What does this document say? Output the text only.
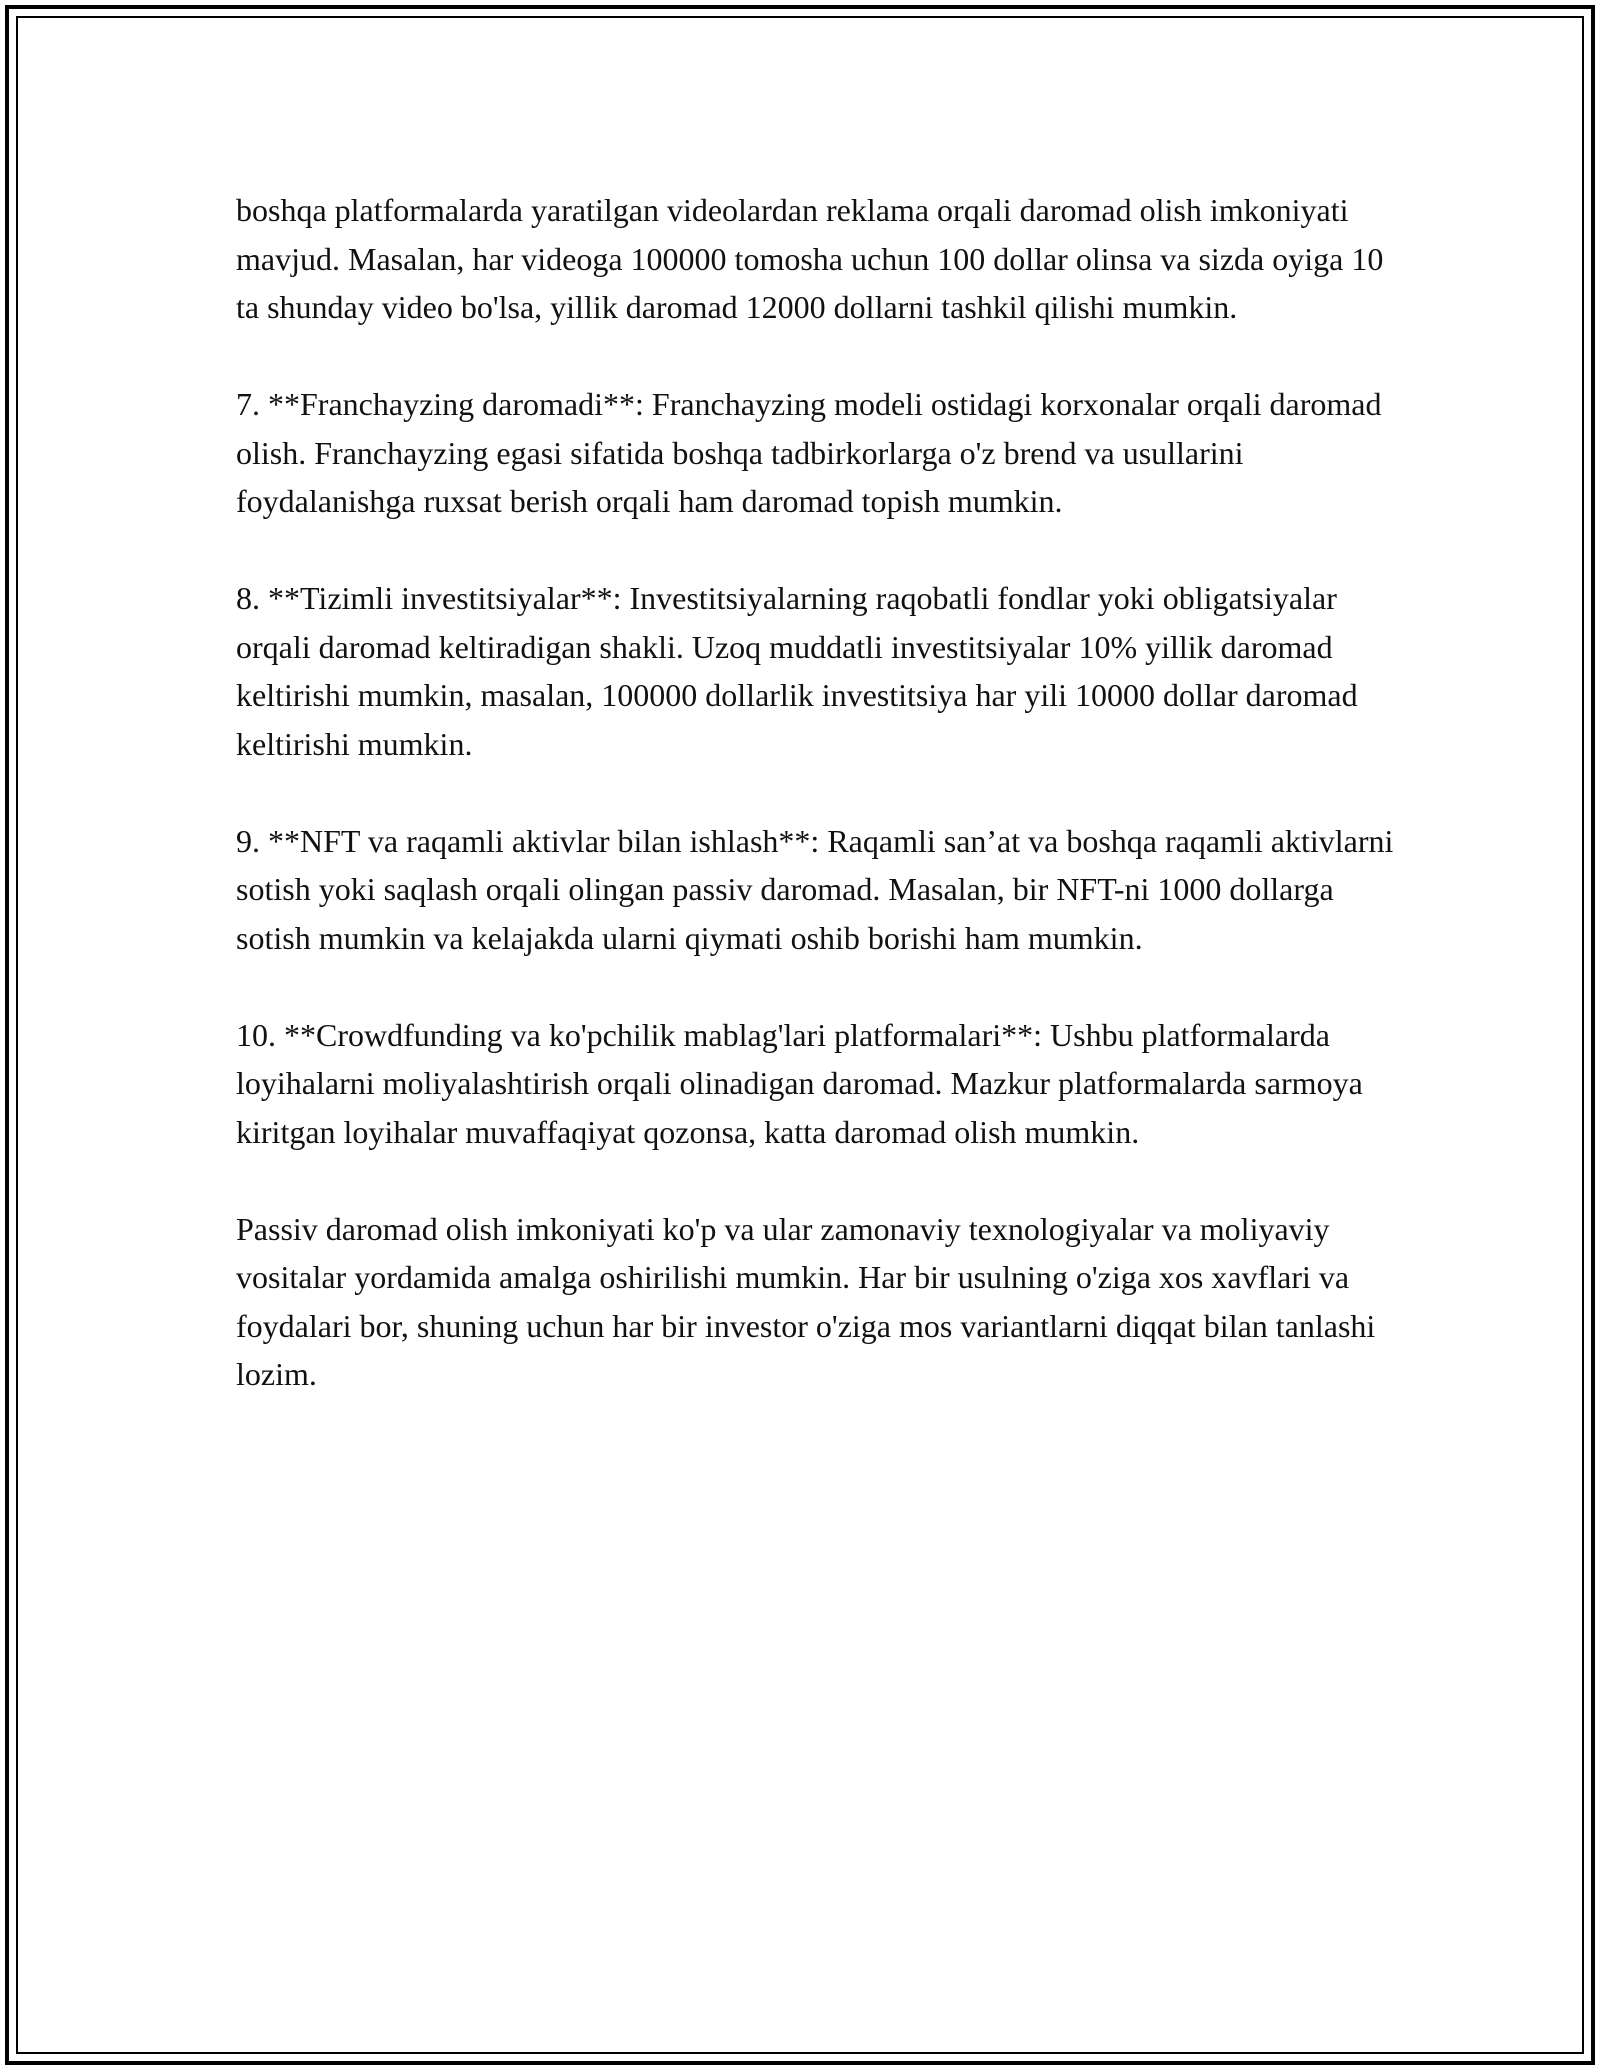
boshqa platformalarda yaratilgan videolardan reklama orqali daromad olish imkoniyati mavjud. Masalan, har videoga 100000 tomosha uchun 100 dollar olinsa va sizda oyiga 10 ta shunday video bo'lsa, yillik daromad 12000 dollarni tashkil qilishi mumkin.

7. **Franchayzing daromadi**: Franchayzing modeli ostidagi korxonalar orqali daromad olish. Franchayzing egasi sifatida boshqa tadbirkorlarga o'z brend va usullarini foydalanishga ruxsat berish orqali ham daromad topish mumkin.

8. **Tizimli investitsiyalar**: Investitsiyalarning raqobatli fondlar yoki obligatsiyalar orqali daromad keltiradigan shakli. Uzoq muddatli investitsiyalar 10% yillik daromad keltirishi mumkin, masalan, 100000 dollarlik investitsiya har yili 10000 dollar daromad keltirishi mumkin.

9. **NFT va raqamli aktivlar bilan ishlash**: Raqamli san’at va boshqa raqamli aktivlarni sotish yoki saqlash orqali olingan passiv daromad. Masalan, bir NFT-ni 1000 dollarga sotish mumkin va kelajakda ularni qiymati oshib borishi ham mumkin.

10. **Crowdfunding va ko'pchilik mablag'lari platformalari**: Ushbu platformalarda loyihalarni moliyalashtirish orqali olinadigan daromad. Mazkur platformalarda sarmoya kiritgan loyihalar muvaffaqiyat qozonsa, katta daromad olish mumkin.

Passiv daromad olish imkoniyati ko'p va ular zamonaviy texnologiyalar va moliyaviy vositalar yordamida amalga oshirilishi mumkin. Har bir usulning o'ziga xos xavflari va foydalari bor, shuning uchun har bir investor o'ziga mos variantlarni diqqat bilan tanlashi lozim.
